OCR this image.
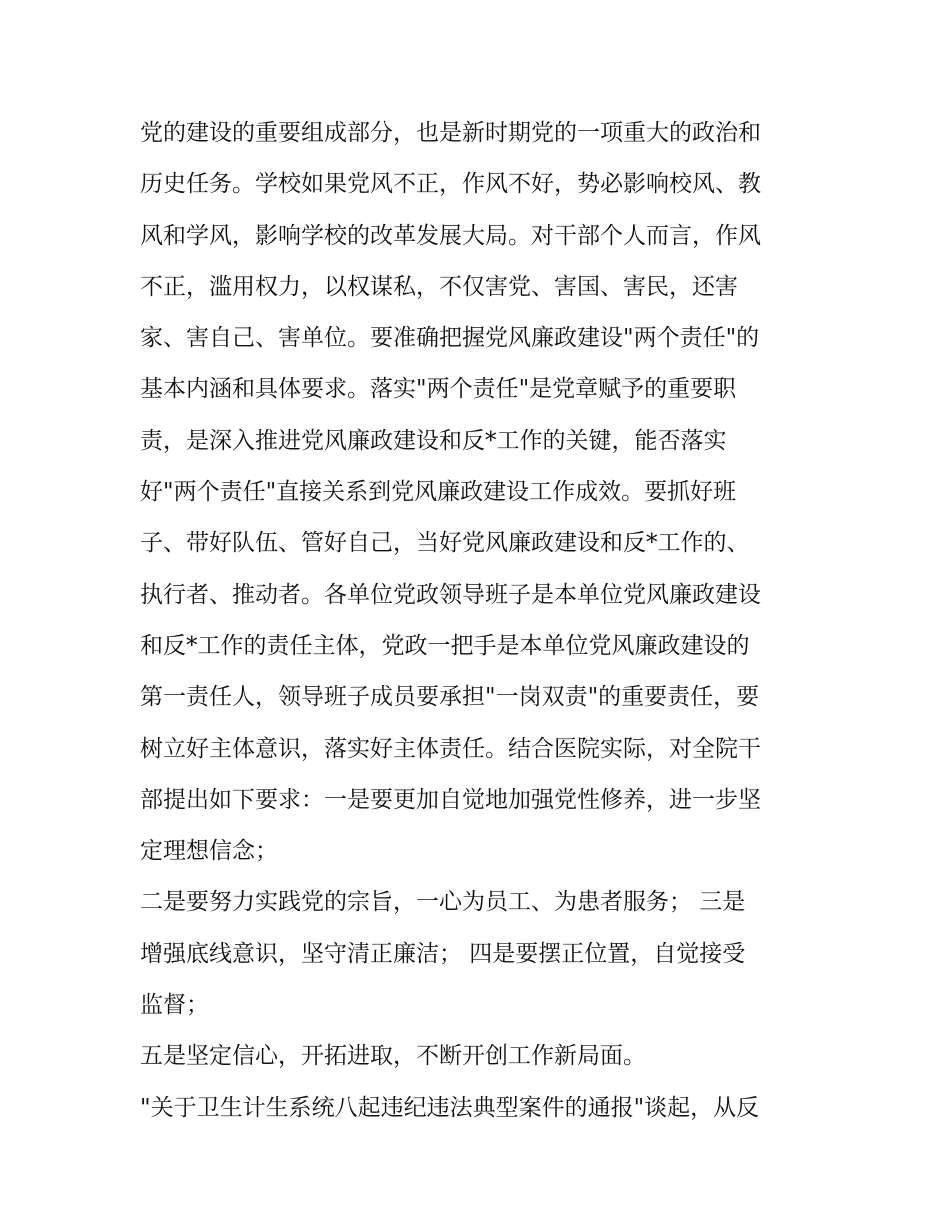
党的建设的重要组成部分，也是新时期党的一项重大的政治和
历史任务。学校如果党风不正，作风不好，势必影响校风、教
风和学风，影响学校的改革发展大局。对干部个人而言，作风
不正，滥用权力，以权谋私，不仅害党、害国、害民，还害
家、害自己、害单位。要准确把握党风廉政建设"两个责任"的
基本内涵和具体要求。落实"两个责任"是党章赋予的重要职
责，是深入推进党风廉政建设和反*工作的关键，能否落实
好"两个责任"直接关系到党风廉政建设工作成效。要抓好班
子、带好队伍、管好自己，当好党风廉政建设和反*工作的、
执行者、推动者。各单位党政领导班子是本单位党风廉政建设
和反*工作的责任主体，党政一把手是本单位党风廉政建设的
第一责任人，领导班子成员要承担"一岗双责"的重要责任，要
树立好主体意识，落实好主体责任。结合医院实际，对全院干
部提出如下要求：一是要更加自觉地加强党性修养，进一步坚
定理想信念；
二是要努力实践党的宗旨，一心为员工、为患者服务； 三是
增强底线意识，坚守清正廉洁； 四是要摆正位置，自觉接受
监督；
五是坚定信心，开拓进取，不断开创工作新局面。
"关于卫生计生系统八起违纪违法典型案件的通报"谈起，从反
